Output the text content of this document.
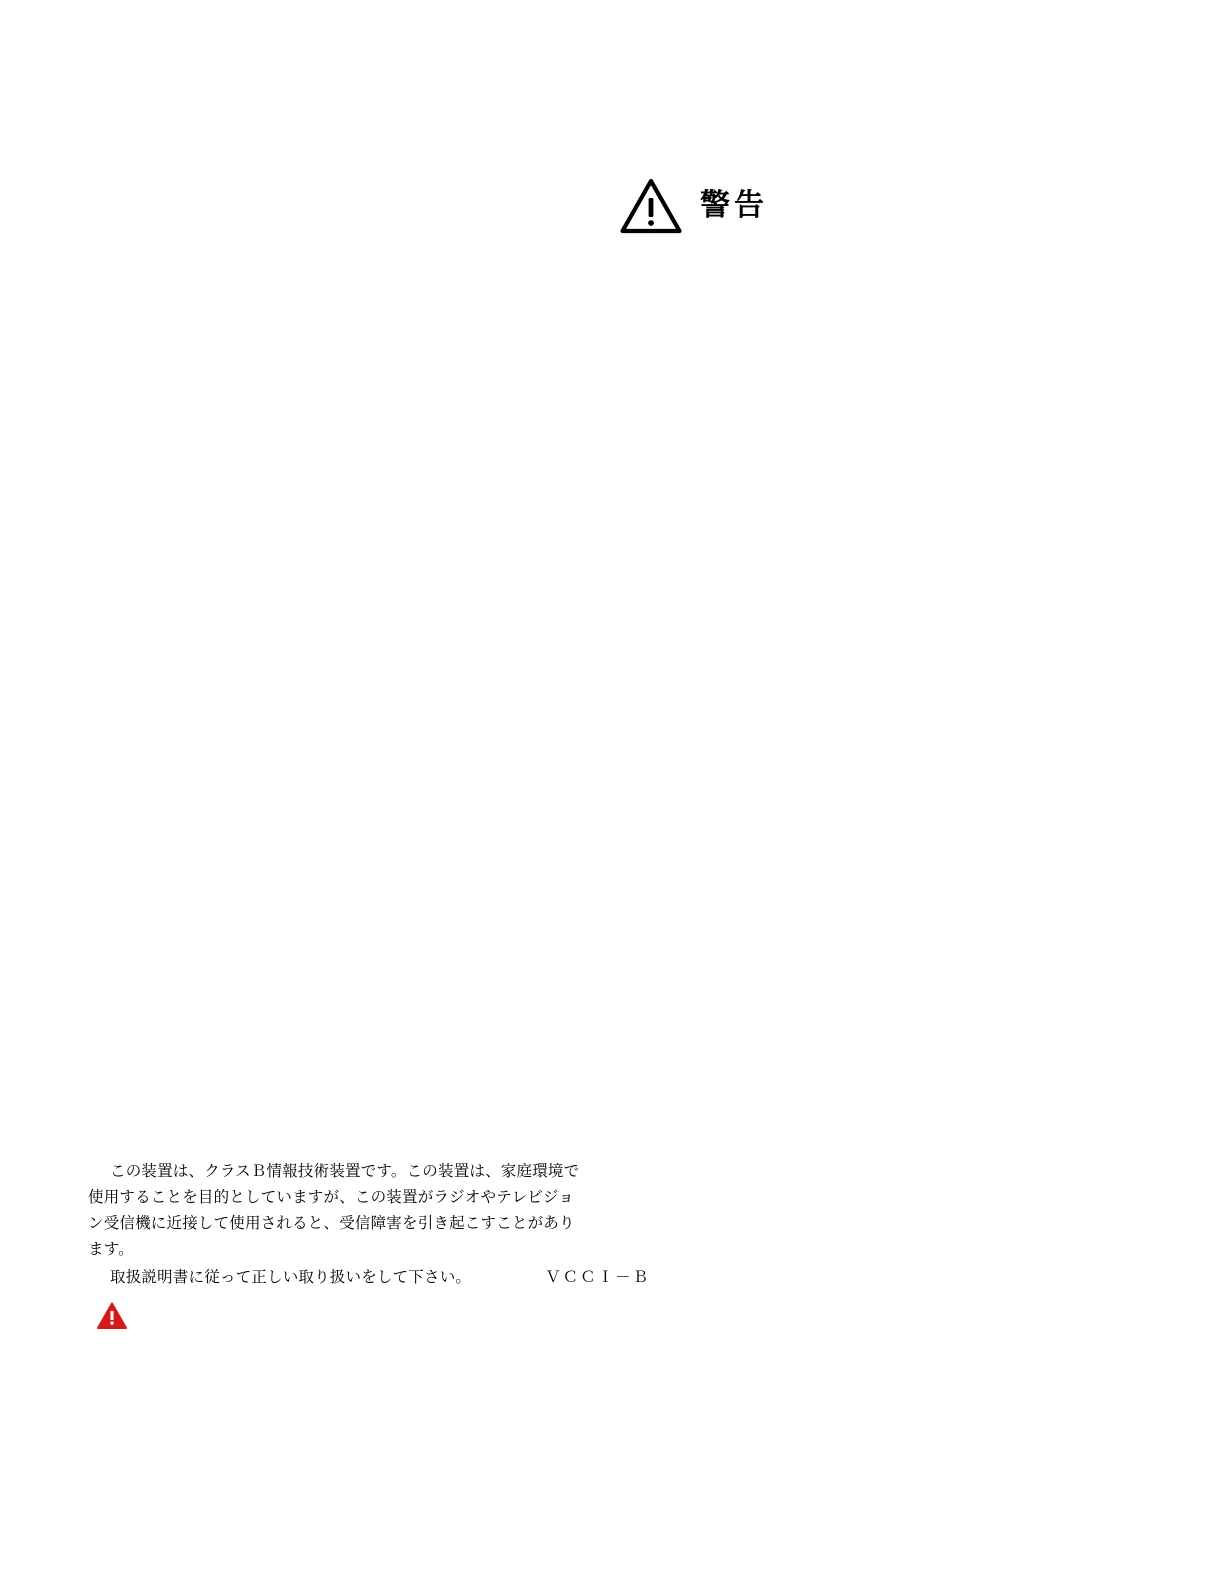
警告

この装置は、クラスＢ情報技術装置です。この装置は、家庭環境で使用することを目的としていますが、この装置がラジオやテレビジョン受信機に近接して使用されると、受信障害を引き起こすことがあります。

取扱説明書に従って正しい取り扱いをして下さい。	ＶＣＣＩ－Ｂ
